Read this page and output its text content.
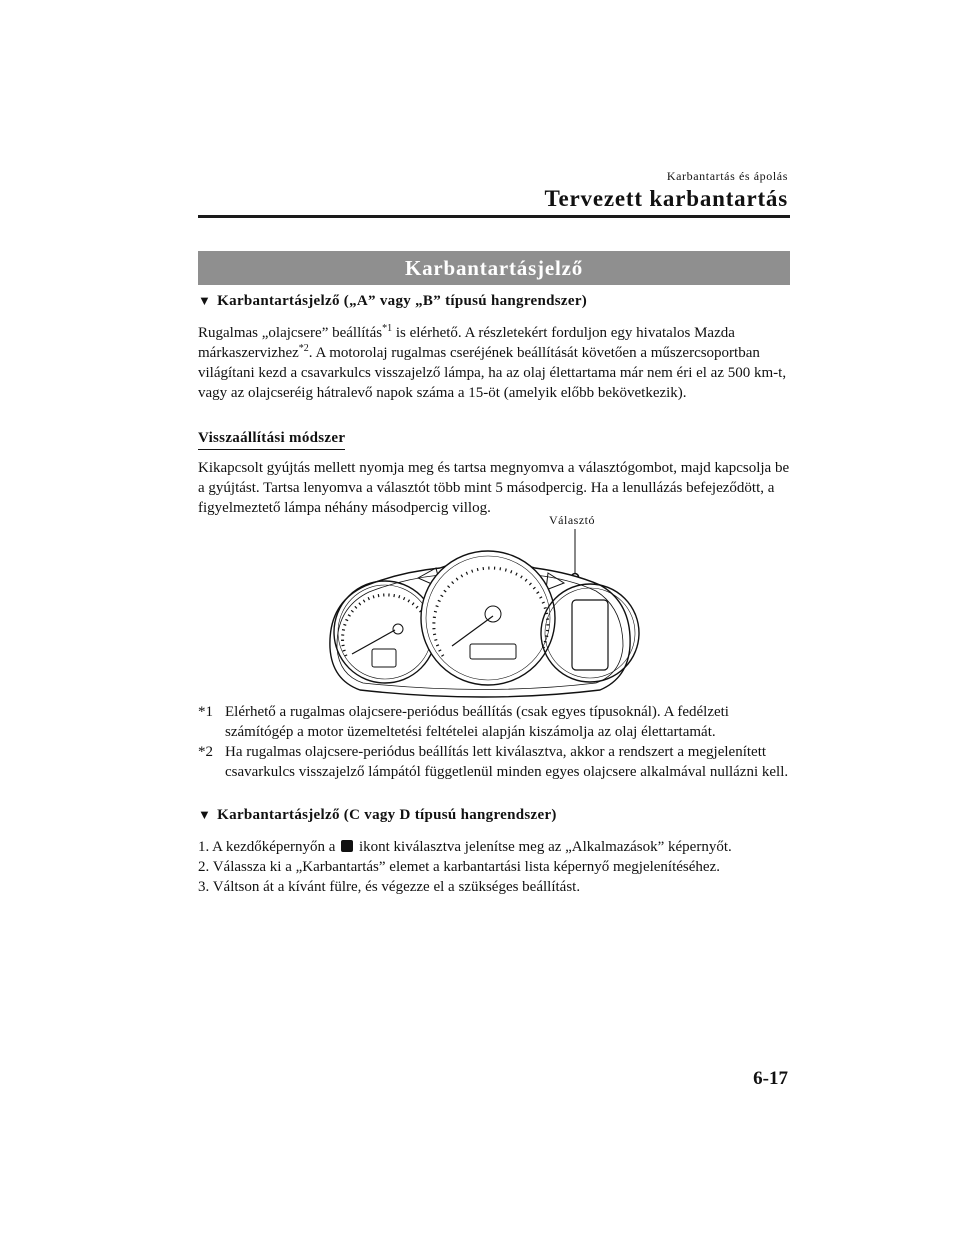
Karbantartás és ápolás
Tervezett karbantartás
Karbantartásjelző
▼ Karbantartásjelző („A” vagy „B” típusú hangrendszer)
Rugalmas „olajcsere” beállítás$^{*1}$ is elérhető. A részletekért forduljon egy hivatalos Mazda márkaszervizhez$^{*2}$. A motorolaj rugalmas cseréjének beállítását követően a műszercsoportban világítani kezd a csavarkulcs visszajelző lámpa, ha az olaj élettartama már nem éri el az 500 km-t, vagy az olajcseréig hátralevő napok száma a 15-öt (amelyik előbb bekövetkezik).
Visszaállítási módszer
Kikapcsolt gyújtás mellett nyomja meg és tartsa megnyomva a választógombot, majd kapcsolja be a gyújtást. Tartsa lenyomva a választót több mint 5 másodpercig. Ha a lenullázás befejeződött, a figyelmeztető lámpa néhány másodpercig villog.
Választó
*1 Elérhető a rugalmas olajcsere-periódus beállítás (csak egyes típusoknál). A fedélzeti számítógép a motor üzemeltetési feltételei alapján kiszámolja az olaj élettartamát.
*2 Ha rugalmas olajcsere-periódus beállítás lett kiválasztva, akkor a rendszert a megjelenített csavarkulcs visszajelző lámpától függetlenül minden egyes olajcsere alkalmával nullázni kell.
▼ Karbantartásjelző (C vagy D típusú hangrendszer)
1. A kezdőképernyőn a  ikont kiválasztva jelenítse meg az „Alkalmazások” képernyőt.
2. Válassza ki a „Karbantartás” elemet a karbantartási lista képernyő megjelenítéséhez.
3. Váltson át a kívánt fülre, és végezze el a szükséges beállítást.
6-17
